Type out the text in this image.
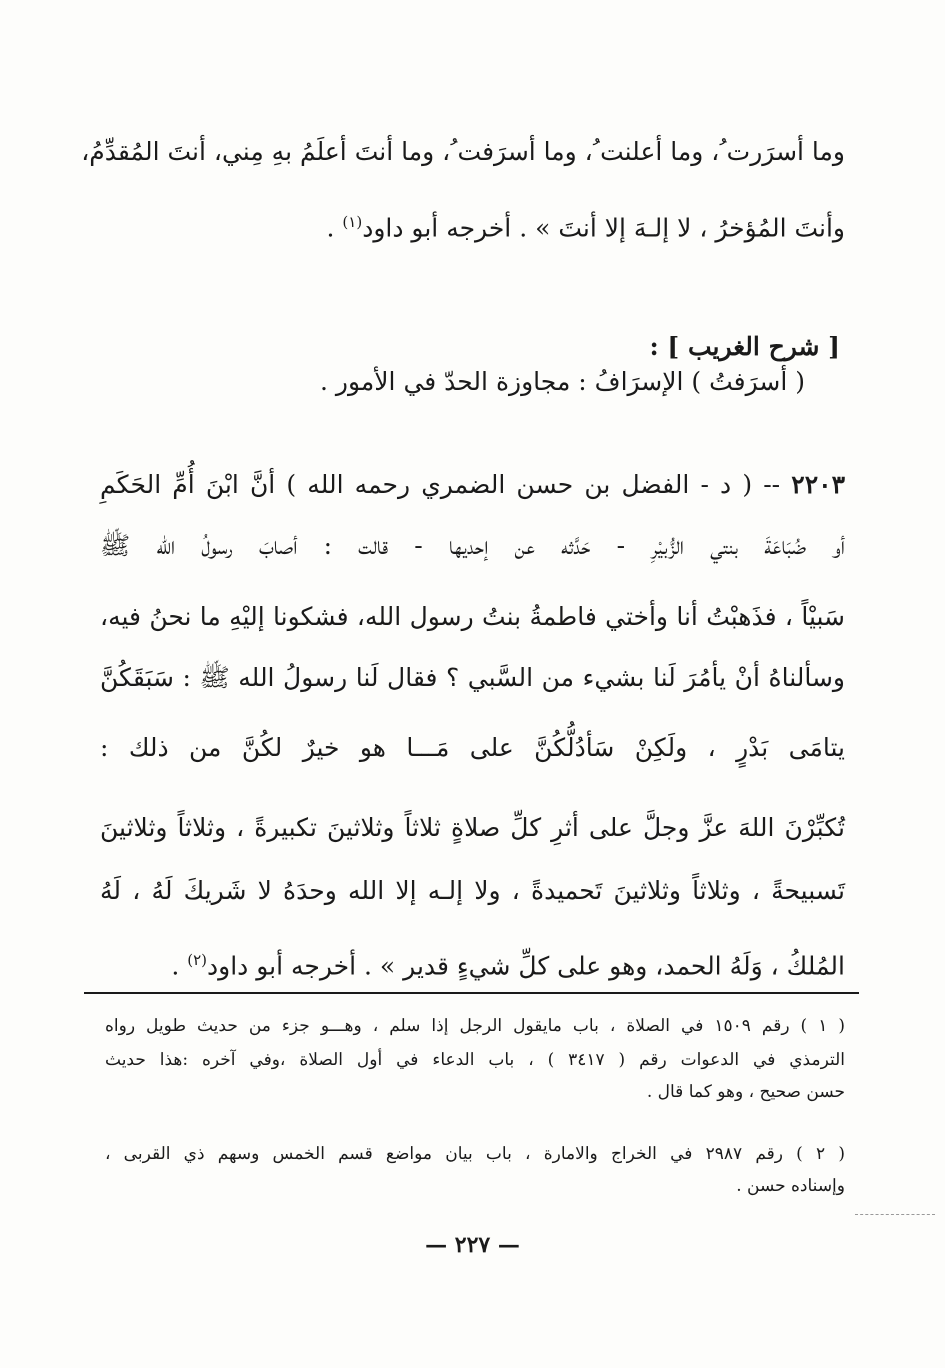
وما أسرَرت ُ، وما أعلنت ُ، وما أسرَفت ُ، وما أنتَ أعلَمُ بهِ مِني، أنتَ المُقدِّمُ،
وأنتَ المُؤخرُ ، لا إلـهَ إلا أنتَ » . أخرجه أبو داود$^{(١)}$ .
[ شرح الغريب ] :
( أسرَفتُ ) الإسرَافُ : مجاوزة الحدّ في الأمور .
٢٢٠٣ -- ( د - الفضل بن حسن الضمري رحمه الله ) أنَّ ابْنَ أُمِّ الحَكَمِ
أو ضُبَاعَةَ بنتي الزُّبيْرِ - حَدَّثه عن إحديها - قالت : أصابَ رسولُ الله ﷺ
سَبيْاً ، فذَهبْتُ أنا وأختي فاطمةُ بنتُ رسول الله، فشكونا إليْهِ ما نحنُ فيه،
وسألناهُ أنْ يأمُرَ لَنا بشيء من السَّبي ؟ فقال لَنا رسولُ الله ﷺ : سَبَقَكُنَّ
يتامَى بَدْرٍ ، ولَكِنْ سَأدُلُّكُنَّ على مَـــا هو خيرٌ لكُنَّ من ذلك :
تُكبِّرْنَ اللهَ عزَّ وجلَّ على أثرِ كلِّ صلاةٍ ثلاثاً وثلاثينَ تكبيرةً ، وثلاثاً وثلاثينَ
تَسبيحةً ، وثلاثاً وثلاثينَ تَحميدةً ، ولا إلـه إلا الله وحدَهُ لا شَريكَ لَهُ ، لَهُ
المُلكُ ، وَلَهُ الحمد، وهو على كلِّ شيءٍ قدير » . أخرجه أبو داود$^{(٢)}$ .
( ١ ) رقم ١٥٠٩ في الصلاة ، باب مايقول الرجل إذا سلم ، وهـــو جزء من حديث طويل رواه
الترمذي في الدعوات رقم ( ٣٤١٧ ) ، باب الدعاء في أول الصلاة ،وفي آخره :هذا حديث
حسن صحيح ، وهو كما قال .
( ٢ ) رقم ٢٩٨٧ في الخراج والامارة ، باب بيان مواضع قسم الخمس وسهم ذي القربى ،
وإسناده حسن .
— ٢٢٧ —
